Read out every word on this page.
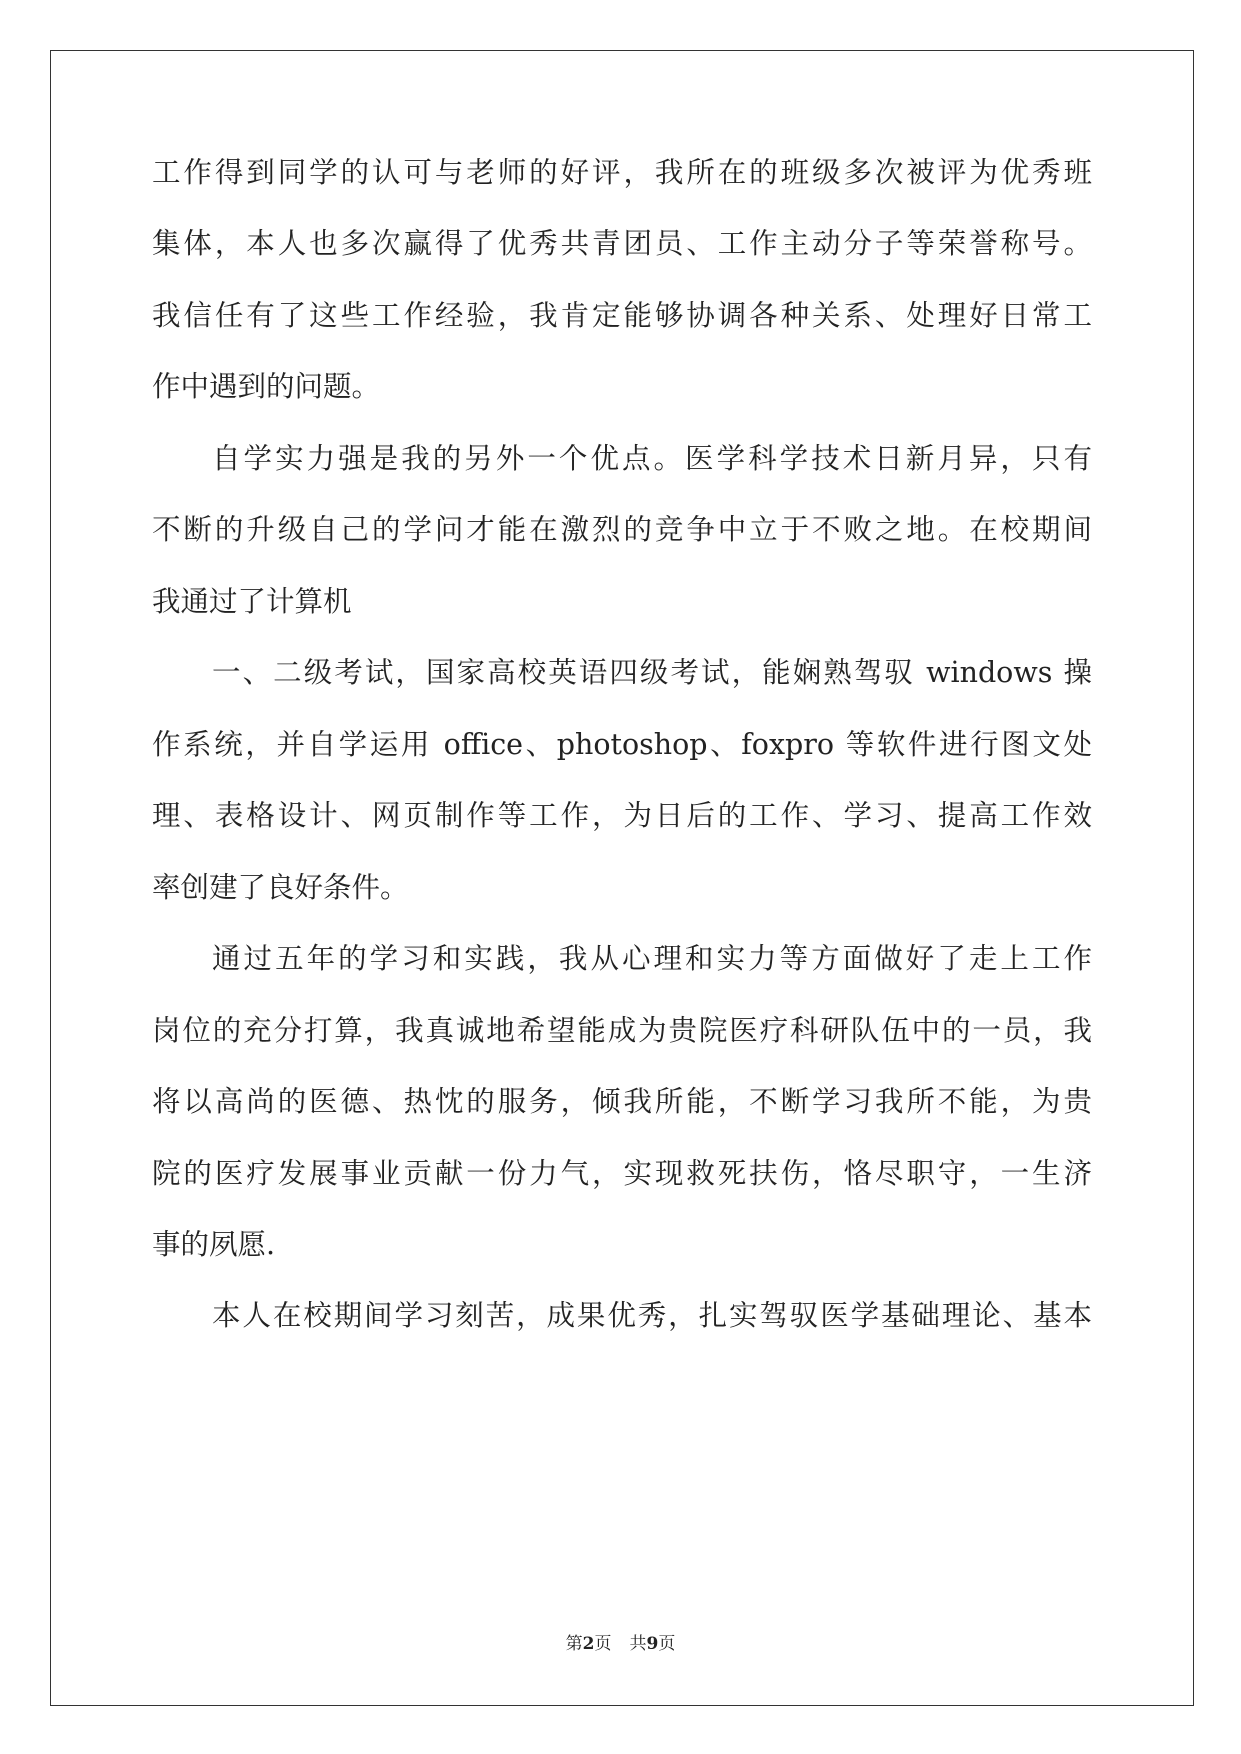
工作得到同学的认可与老师的好评，我所在的班级多次被评为优秀班
集体，本人也多次赢得了优秀共青团员、工作主动分子等荣誉称号。
我信任有了这些工作经验，我肯定能够协调各种关系、处理好日常工
作中遇到的问题。
自学实力强是我的另外一个优点。医学科学技术日新月异，只有
不断的升级自己的学问才能在激烈的竞争中立于不败之地。在校期间
我通过了计算机
一、二级考试，国家高校英语四级考试，能娴熟驾驭 windows 操
作系统，并自学运用 office、photoshop、foxpro 等软件进行图文处
理、表格设计、网页制作等工作，为日后的工作、学习、提高工作效
率创建了良好条件。
通过五年的学习和实践，我从心理和实力等方面做好了走上工作
岗位的充分打算，我真诚地希望能成为贵院医疗科研队伍中的一员，我
将以高尚的医德、热忱的服务，倾我所能，不断学习我所不能，为贵
院的医疗发展事业贡献一份力气，实现救死扶伤，恪尽职守，一生济
事的夙愿.
本人在校期间学习刻苦，成果优秀，扎实驾驭医学基础理论、基本
第2页 共9页
